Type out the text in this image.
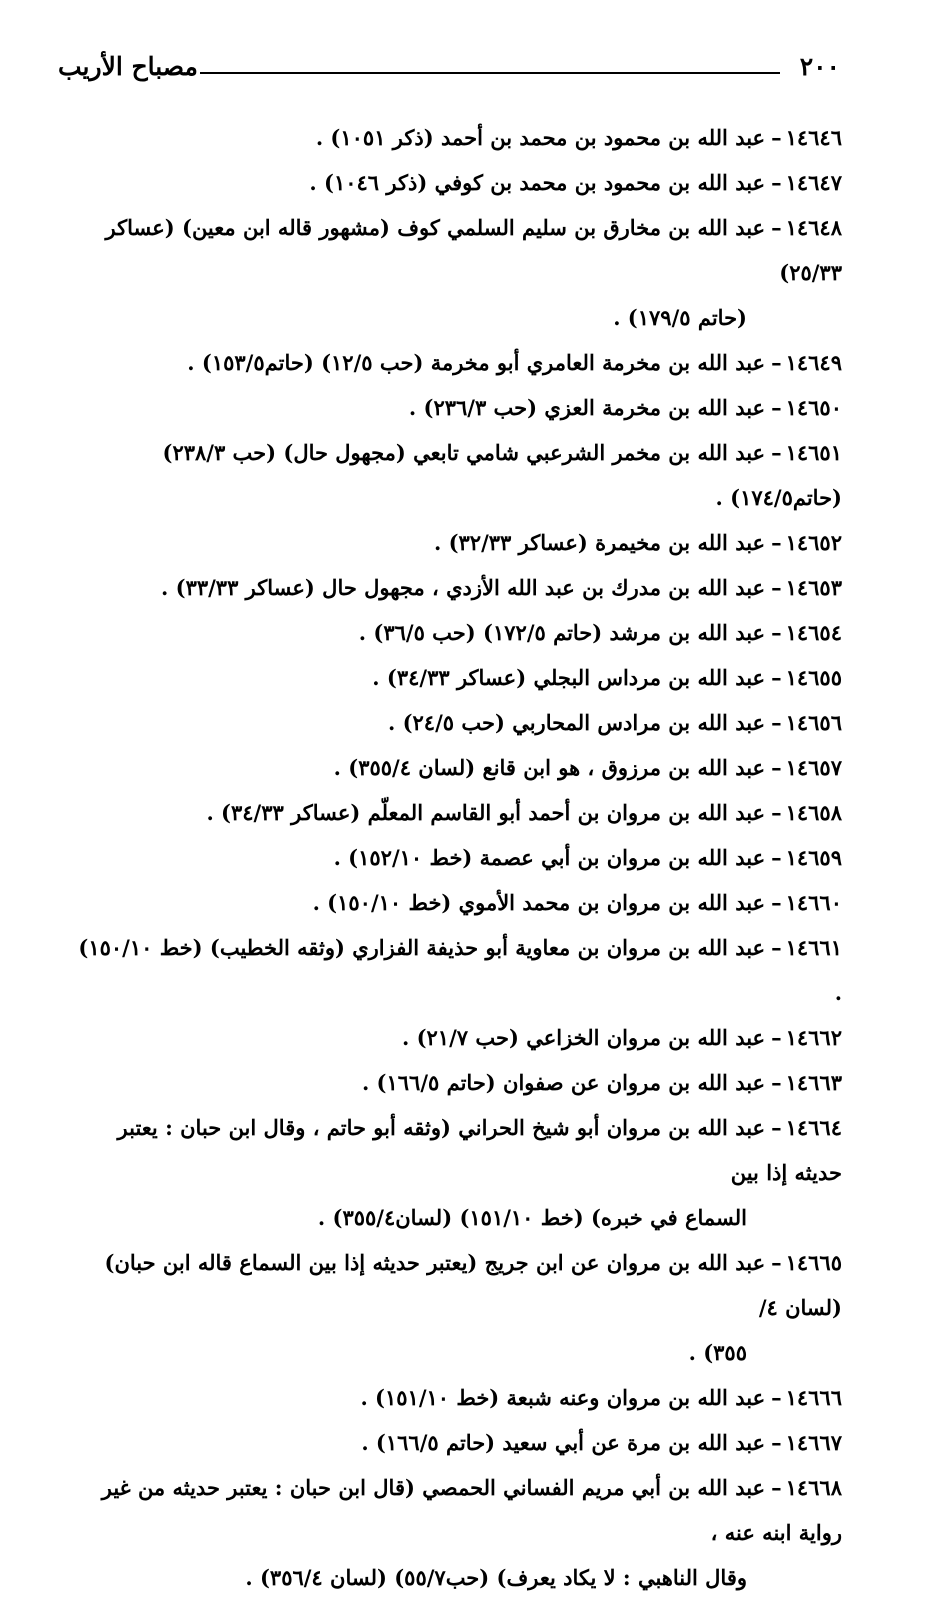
٢٠٠
مصباح الأريب
١٤٦٤٦–عبد الله بن محمود بن محمد بن أحمد (ذكر ١٠٥١) .
١٤٦٤٧–عبد الله بن محمود بن محمد بن كوفي (ذكر ١٠٤٦) .
١٤٦٤٨–عبد الله بن مخارق بن سليم السلمي كوف (مشهور قاله ابن معين) (عساكر ٢٥/٣٣)
(حاتم ١٧٩/٥) .
١٤٦٤٩–عبد الله بن مخرمة العامري أبو مخرمة (حب ١٢/٥) (حاتم١٥٣/٥) .
١٤٦٥٠–عبد الله بن مخرمة العزي (حب ٢٣٦/٣) .
١٤٦٥١–عبد الله بن مخمر الشرعبي شامي تابعي (مجهول حال) (حب ٢٣٨/٣) (حاتم١٧٤/٥) .
١٤٦٥٢–عبد الله بن مخيمرة (عساكر ٣٢/٣٣) .
١٤٦٥٣–عبد الله بن مدرك بن عبد الله الأزدي ، مجهول حال (عساكر ٣٣/٣٣) .
١٤٦٥٤–عبد الله بن مرشد (حاتم ١٧٢/٥) (حب ٣٦/٥) .
١٤٦٥٥–عبد الله بن مرداس البجلي (عساكر ٣٤/٣٣) .
١٤٦٥٦–عبد الله بن مرادس المحاربي (حب ٢٤/٥) .
١٤٦٥٧–عبد الله بن مرزوق ، هو ابن قانع (لسان ٣٥٥/٤) .
١٤٦٥٨–عبد الله بن مروان بن أحمد أبو القاسم المعلّم (عساكر ٣٤/٣٣) .
١٤٦٥٩–عبد الله بن مروان بن أبي عصمة (خط ١٥٢/١٠) .
١٤٦٦٠–عبد الله بن مروان بن محمد الأموي (خط ١٥٠/١٠) .
١٤٦٦١–عبد الله بن مروان بن معاوية أبو حذيفة الفزاري (وثقه الخطيب) (خط ١٥٠/١٠) .
١٤٦٦٢–عبد الله بن مروان الخزاعي (حب ٢١/٧) .
١٤٦٦٣–عبد الله بن مروان عن صفوان (حاتم ١٦٦/٥) .
١٤٦٦٤–عبد الله بن مروان أبو شيخ الحراني (وثقه أبو حاتم ، وقال ابن حبان : يعتبر حديثه إذا بين
السماع في خبره) (خط ١٥١/١٠) (لسان٣٥٥/٤) .
١٤٦٦٥–عبد الله بن مروان عن ابن جريج (يعتبر حديثه إذا بين السماع قاله ابن حبان) (لسان ٤/
٣٥٥) .
١٤٦٦٦–عبد الله بن مروان وعنه شبعة (خط ١٥١/١٠) .
١٤٦٦٧–عبد الله بن مرة عن أبي سعيد (حاتم ١٦٦/٥) .
١٤٦٦٨–عبد الله بن أبي مريم الفساني الحمصي (قال ابن حبان : يعتبر حديثه من غير رواية ابنه عنه ،
وقال الناهبي : لا يكاد يعرف) (حب٥٥/٧) (لسان ٣٥٦/٤) .
